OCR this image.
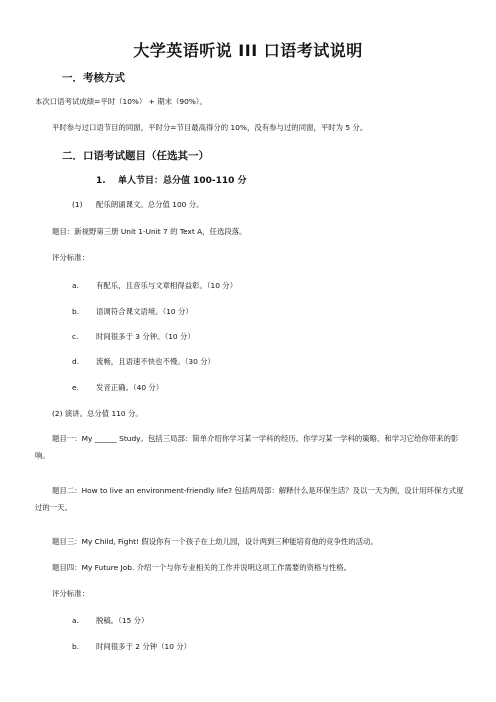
大学英语听说 III 口语考试说明
一．考核方式
本次口语考试成绩=平时（10%） + 期末（90%）。
平时参与过口语节目的同窗，平时分=节目最高得分的 10%，没有参与过的同窗，平时为 5 分。
二．口语考试题目（任选其一）
1. 单人节目：总分值 100-110 分
(1) 配乐朗诵课文。总分值 100 分。
题目：新视野第三册 Unit 1-Unit 7 的 Text A，任选段落。
评分标准：
a. 有配乐，且音乐与文章相得益彰。（10 分）
b. 语调符合课文语境。（10 分）
c. 时间很多于 3 分钟。（10 分）
d. 流畅，且语速不快也不慢。（30 分）
e. 发音正确。（40 分）
(2) 演讲。总分值 110 分。
题目一：My ______ Study。包括三局部：简单介绍你学习某一学科的经历、你学习某一学科的策略、和学习它给你带来的影响。
题目二：How to live an environment-friendly life? 包括两局部：解释什么是环保生活？及以一天为例，设计用环保方式度过的一天。
题目三：My Child, Fight! 假设你有一个孩子在上幼儿园，设计两到三种能培育他的竞争性的活动。
题目四：My Future Job. 介绍一个与你专业相关的工作并说明这项工作需要的资格与性格。
评分标准：
a. 脱稿。（15 分）
b. 时间很多于 2 分钟（10 分）
